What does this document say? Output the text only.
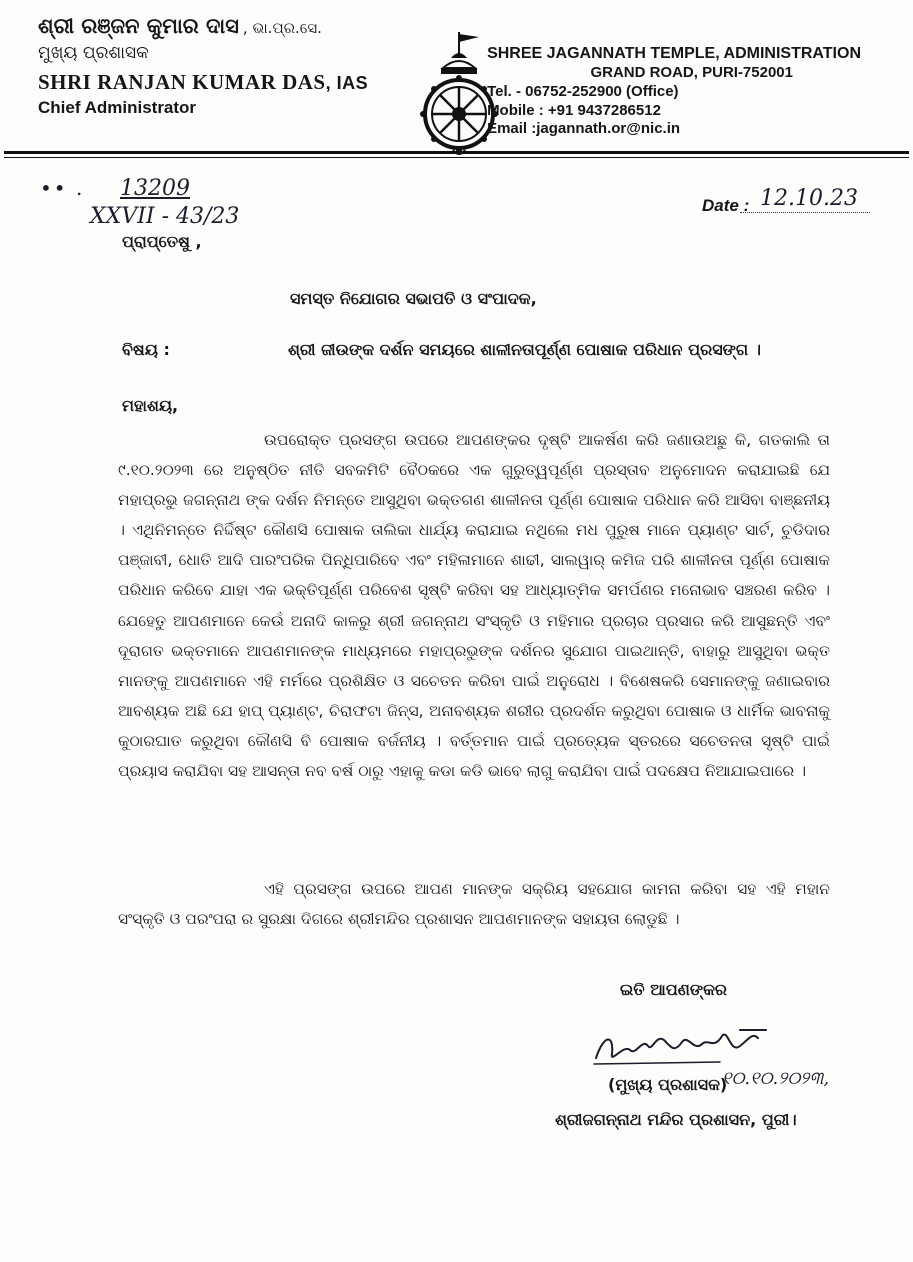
ଶ୍ରୀ ରଞ୍ଜନ କୁମାର ଦାସ , ଭା.ପ୍ର.ସେ.
ମୁଖ୍ୟ ପ୍ରଶାସକ
SHRI RANJAN KUMAR DAS, IAS
Chief Administrator
SHREE JAGANNATH TEMPLE, ADMINISTRATION
GRAND ROAD, PURI-752001
Tel. - 06752-252900 (Office)
Mobile : +91 9437286512
Email :jagannath.or@nic.in
•• . 13209
XXVII - 43/23	Date : 12.10.23
ପ୍ରାପ୍ତେଷୁ ,
ସମସ୍ତ ନିଯୋଗର ସଭାପତି ଓ ସଂପାଦକ,
ବିଷୟ :	ଶ୍ରୀ ଜୀଉଙ୍କ ଦର୍ଶନ ସମୟରେ ଶାଳୀନତାପୂର୍ଣ୍ଣ ପୋଷାକ ପରିଧାନ ପ୍ରସଙ୍ଗ ।
ମହାଶୟ,
ଉପରୋକ୍ତ ପ୍ରସଙ୍ଗ ଉପରେ ଆପଣଙ୍କର ଦୃଷ୍ଟି ଆକର୍ଷଣ କରି ଜଣାଉଅଛୁ କି, ଗତକାଲି ତା ୯.୧୦.୨୦୨୩ ରେ ଅନୁଷ୍ଠିତ ନୀତି ସବକମିଟି ବୈଠକରେ ଏକ ଗୁରୁତ୍ୱପୂର୍ଣ୍ଣ ପ୍ରସ୍ତାବ ଅନୁମୋଦନ କରାଯାଇଛି ଯେ ମହାପ୍ରଭୁ ଜଗନ୍ନାଥ ଙ୍କ ଦର୍ଶନ ନିମନ୍ତେ ଆସୁଥିବା ଭକ୍ତଗଣ ଶାଳୀନତା ପୂର୍ଣ୍ଣ ପୋଷାକ ପରିଧାନ କରି ଆସିବା ବାଞ୍ଛନୀୟ । ଏଥିନିମନ୍ତେ ନିର୍ଦ୍ଦିଷ୍ଟ କୌଣସି ପୋଷାକ ତାଲିକା ଧାର୍ଯ୍ୟ କରାଯାଇ ନଥିଲେ ମଧ ପୁରୁଷ ମାନେ ପ୍ୟାଣ୍ଟ ସାର୍ଟ, ଚୁଡିଦାର ପଞ୍ଜାବୀ, ଧୋତି ଆଦି ପାରଂପରିକ ପିନ୍ଧିପାରିବେ ଏବଂ ମହିଳାମାନେ ଶାଢୀ, ସାଲୱାର୍ କମିଜ ପରି ଶାଳୀନତା ପୂର୍ଣ୍ଣ ପୋଷାକ ପରିଧାନ କରିବେ ଯାହା ଏକ ଭକ୍ତିପୂର୍ଣ୍ଣ ପରିବେଶ ସୃଷ୍ଟି କରିବା ସହ ଆଧ୍ୟାତ୍ମିକ ସମର୍ପଣର ମନୋଭାବ ସଞ୍ଚରଣ କରିବ । ଯେହେତୁ ଆପଣମାନେ କେଉଁ ଅନାଦି କାଳରୁ ଶ୍ରୀ ଜଗନ୍ନାଥ ସଂସ୍କୃତି ଓ ମହିମାର ପ୍ରଚାର ପ୍ରସାର କରି ଆସୁଛନ୍ତି ଏବଂ ଦୂରାଗତ ଭକ୍ତମାନେ ଆପଣମାନଙ୍କ ମାଧ୍ୟମରେ ମହାପ୍ରଭୁଙ୍କ ଦର୍ଶନର ସୁଯୋଗ ପାଇଥାନ୍ତି, ବାହାରୁ ଆସୁଥିବା ଭକ୍ତ ମାନଙ୍କୁ ଆପଣମାନେ ଏହି ମର୍ମରେ ପ୍ରଶିକ୍ଷିତ ଓ ସଚେତନ କରିବା ପାଇଁ ଅନୁରୋଧ । ବିଶେଷକରି ସେମାନଙ୍କୁ ଜଣାଇବାର ଆବଶ୍ୟକ ଅଛି ଯେ ହାପ୍ ପ୍ୟାଣ୍ଟ, ଚିରାଫଟା ଜିନ୍ସ, ଅନାବଶ୍ୟକ ଶରୀର ପ୍ରଦର୍ଶନ କରୁଥିବା ପୋଷାକ ଓ ଧାର୍ମିକ ଭାବନାକୁ କୁଠାରଘାତ କରୁଥିବା କୌଣସି ବି ପୋଷାକ ବର୍ଜନୀୟ । ବର୍ତ୍ତମାନ ପାଇଁ ପ୍ରତ୍ୟେକ ସ୍ତରରେ ସଚେତନତା ସୃଷ୍ଟି ପାଇଁ ପ୍ରୟାସ କରାଯିବା ସହ ଆସନ୍ତା ନବ ବର୍ଷ ଠାରୁ ଏହାକୁ କଡା କଡି ଭାବେ ଲାଗୁ କରାଯିବା ପାଇଁ ପଦକ୍ଷେପ ନିଆଯାଇପାରେ ।
ଏହି ପ୍ରସଙ୍ଗ ଉପରେ ଆପଣ ମାନଙ୍କ ସକ୍ରିୟ ସହଯୋଗ କାମନା କରିବା ସହ ଏହି ମହାନ ସଂସ୍କୃତି ଓ ପରଂପରା ର ସୁରକ୍ଷା ଦିଗରେ ଶ୍ରୀମନ୍ଦିର ପ୍ରଶାସନ ଆପଣମାନଙ୍କ ସହାୟତା ଲୋଡୁଛି ।
ଇତି ଆପଣଙ୍କର
(ମୁଖ୍ୟ ପ୍ରଶାସକ)
୧୦.୧୦.୨୦୨୩,
ଶ୍ରୀଜଗନ୍ନାଥ ମନ୍ଦିର ପ୍ରଶାସନ, ପୁରୀ।
